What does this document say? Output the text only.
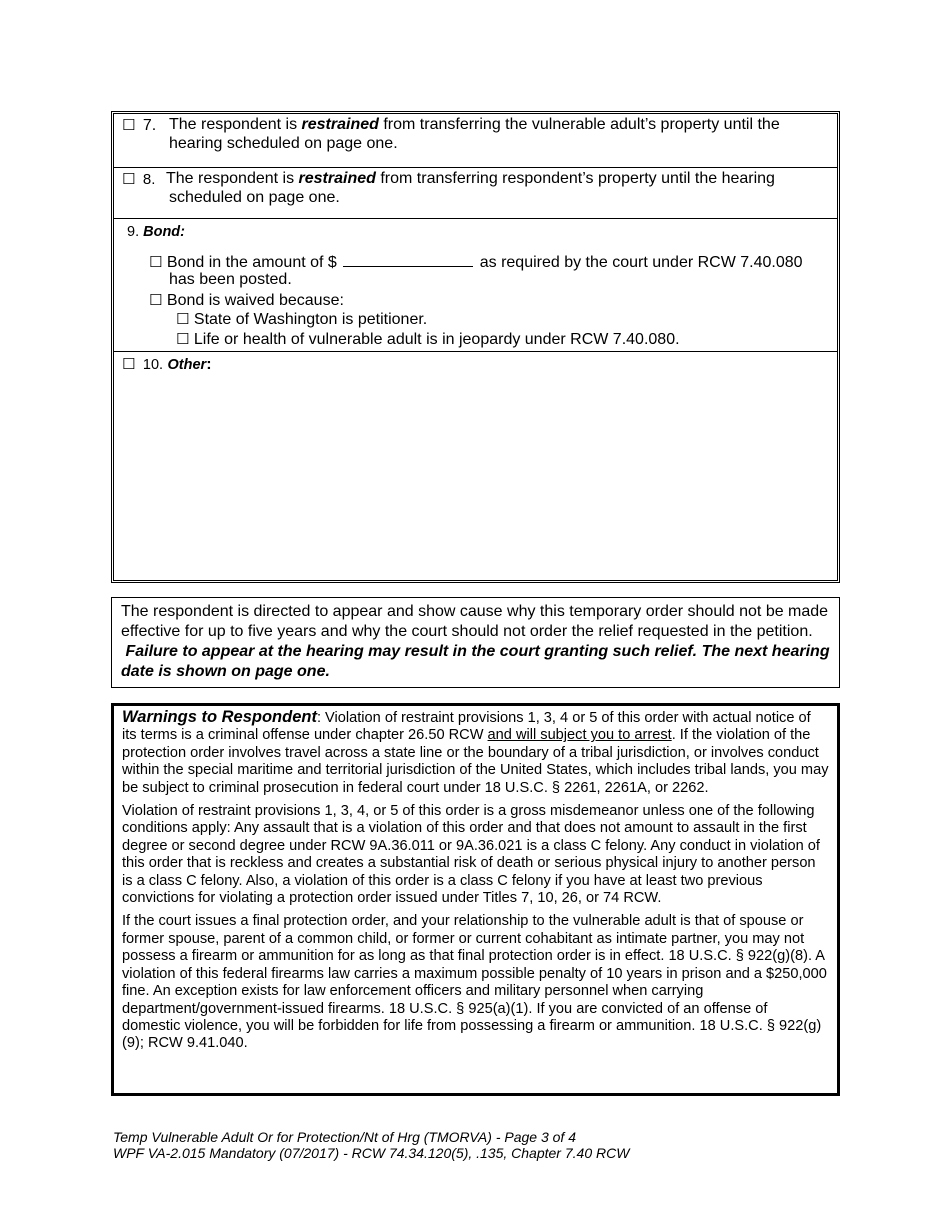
☐ 7. The respondent is restrained from transferring the vulnerable adult’s property until the
hearing scheduled on page one.
☐ 8. The respondent is restrained from transferring respondent’s property until the hearing
scheduled on page one.
9. Bond:
☐ Bond in the amount of $	as required by the court under RCW 7.40.080
has been posted.
☐ Bond is waived because:
☐ State of Washington is petitioner.
☐ Life or health of vulnerable adult is in jeopardy under RCW 7.40.080.
☐ 10. Other:
The respondent is directed to appear and show cause why this temporary order should not be made effective for up to five years and why the court should not order the relief requested in the petition.  Failure to appear at the hearing may result in the court granting such relief. The next hearing date is shown on page one.

Warnings to Respondent: Violation of restraint provisions 1, 3, 4 or 5 of this order with actual notice of its terms is a criminal offense under chapter 26.50 RCW and will subject you to arrest. If the violation of the protection order involves travel across a state line or the boundary of a tribal jurisdiction, or involves conduct within the special maritime and territorial jurisdiction of the United States, which includes tribal lands, you may be subject to criminal prosecution in federal court under 18 U.S.C. § 2261, 2261A, or 2262.

Violation of restraint provisions 1, 3, 4, or 5 of this order is a gross misdemeanor unless one of the following conditions apply: Any assault that is a violation of this order and that does not amount to assault in the first degree or second degree under RCW 9A.36.011 or 9A.36.021 is a class C felony. Any conduct in violation of this order that is reckless and creates a substantial risk of death or serious physical injury to another person is a class C felony. Also, a violation of this order is a class C felony if you have at least two previous convictions for violating a protection order issued under Titles 7, 10, 26, or 74 RCW.

If the court issues a final protection order, and your relationship to the vulnerable adult is that of spouse or former spouse, parent of a common child, or former or current cohabitant as intimate partner, you may not possess a firearm or ammunition for as long as that final protection order is in effect. 18 U.S.C. § 922(g)(8). A violation of this federal firearms law carries a maximum possible penalty of 10 years in prison and a $250,000 fine. An exception exists for law enforcement officers and military personnel when carrying department/government-issued firearms. 18 U.S.C. § 925(a)(1). If you are convicted of an offense of domestic violence, you will be forbidden for life from possessing a firearm or ammunition. 18 U.S.C. § 922(g)(9); RCW 9.41.040.

Temp Vulnerable Adult Or for Protection/Nt of Hrg (TMORVA) - Page 3 of 4
WPF VA-2.015 Mandatory (07/2017) - RCW 74.34.120(5), .135, Chapter 7.40 RCW
